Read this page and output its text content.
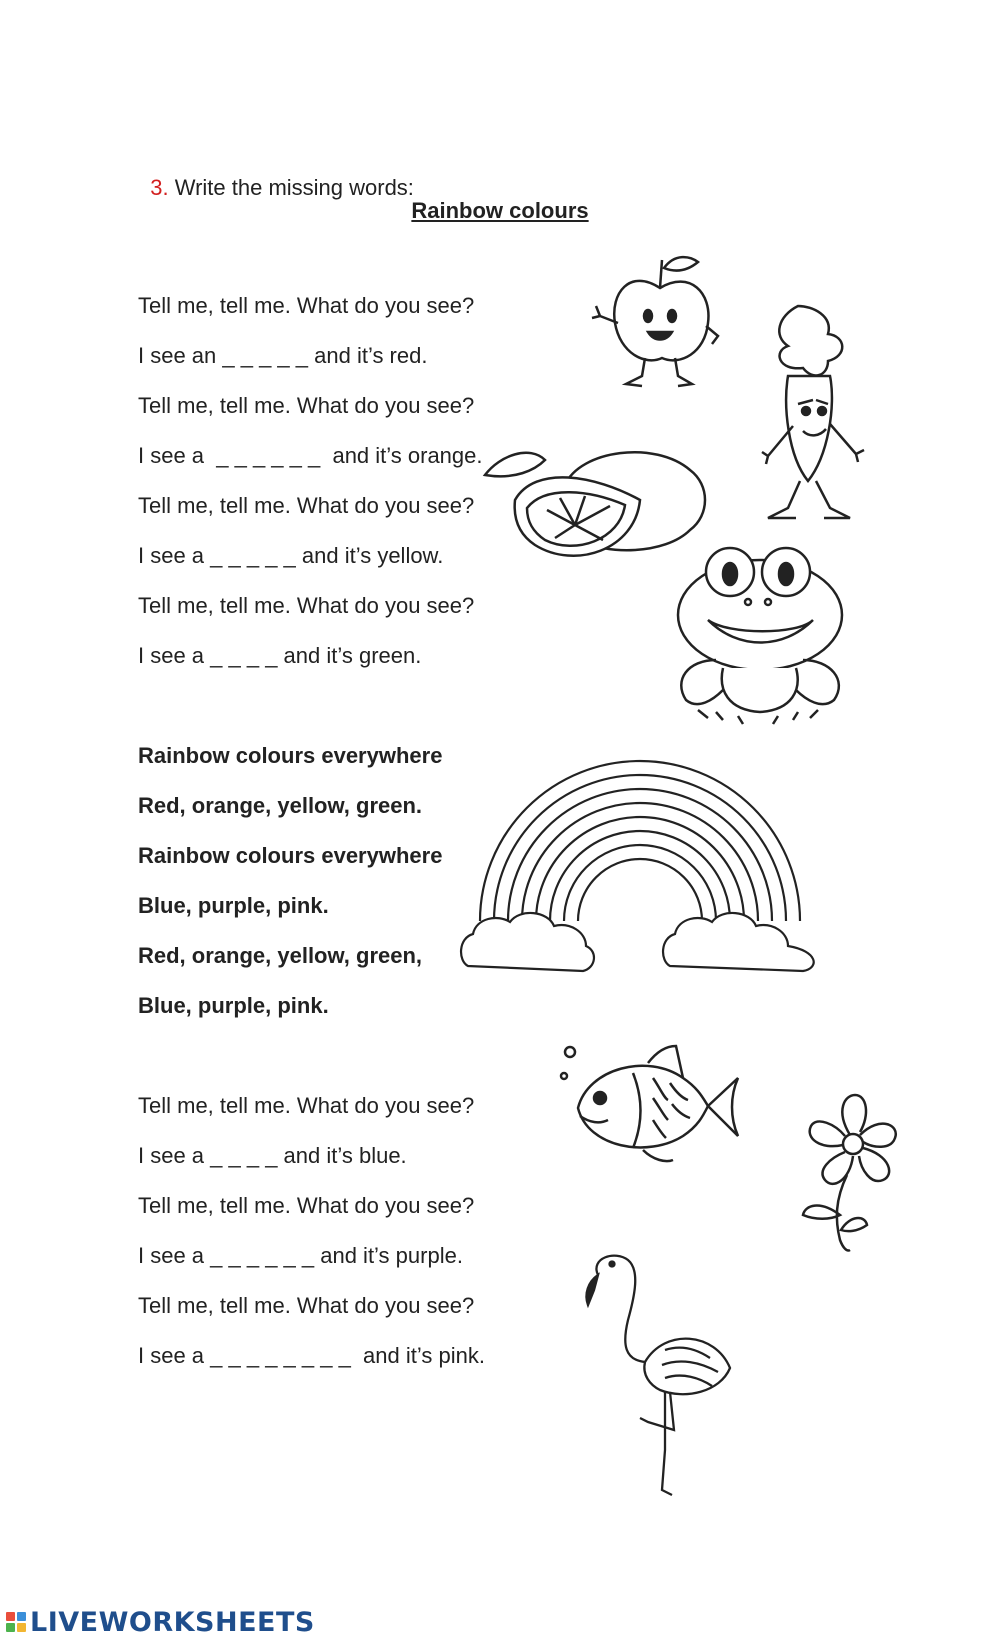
3. Write the missing words:

Rainbow colours
Tell me, tell me. What do you see?
I see an _ _ _ _ _ and it’s red.
Tell me, tell me. What do you see?
I see a  _ _ _ _ _ _  and it’s orange.
Tell me, tell me. What do you see?
I see a _ _ _ _ _ and it’s yellow.
Tell me, tell me. What do you see?
I see a _ _ _ _ and it’s green.
Rainbow colours everywhere
Red, orange, yellow, green.
Rainbow colours everywhere
Blue, purple, pink.
Red, orange, yellow, green,
Blue, purple, pink.
Tell me, tell me. What do you see?
I see a _ _ _ _ and it’s blue.
Tell me, tell me. What do you see?
I see a _ _ _ _ _ _ and it’s purple.
Tell me, tell me. What do you see?
I see a _ _ _ _ _ _ _ _  and it’s pink.
LIVEWORKSHEETS
